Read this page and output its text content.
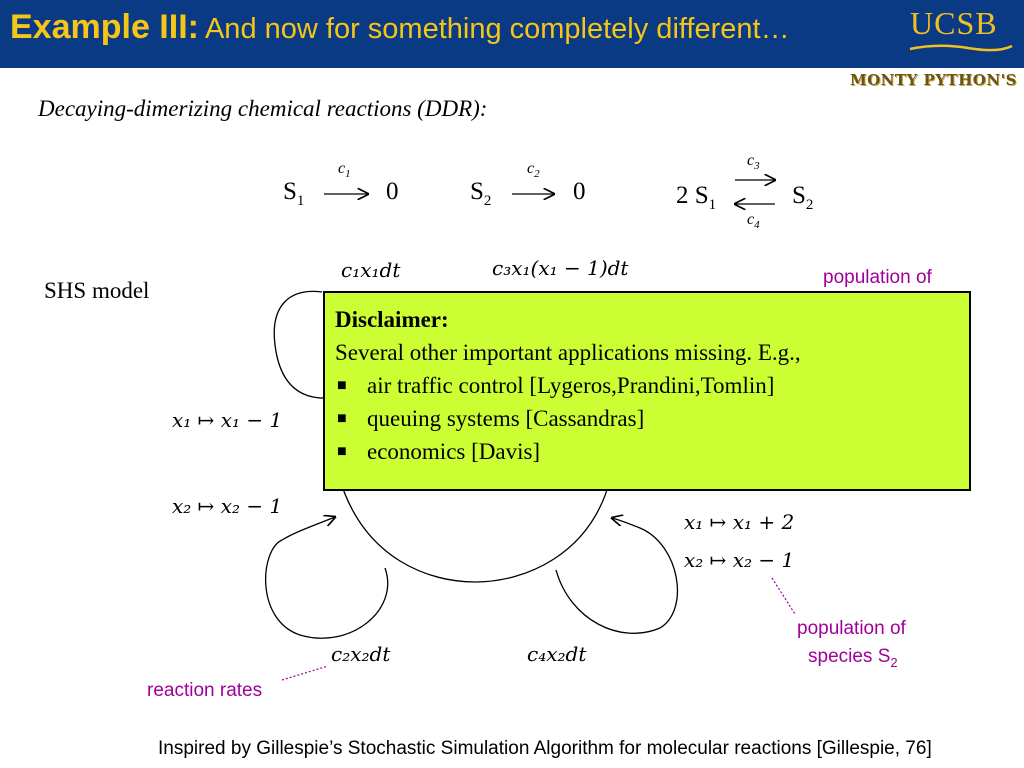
Example III: And now for something completely different…	UCSB
MONTY PYTHON'S
Decaying-dimerizing chemical reactions (DDR):
$S_1$
$c_1$
0	$S_2$
$c_2$
0	2 $S_1$
$c_3$
$c_4$
$S_2$
SHS model
c₁x₁dt	c₃x₁(x₁ − 1)dt
c₂x₂dt	c₄x₂dt
x₁ ↦ x₁ − 1
x₂ ↦ x₂ − 1
x₁ ↦ x₁ + 2
x₂ ↦ x₂ − 1
population of
population of
species $S_2$
reaction rates
Disclaimer:
Several other important applications missing. E.g.,
■ air traffic control [Lygeros,Prandini,Tomlin]
■ queuing systems [Cassandras]
■ economics [Davis]
Inspired by Gillespie’s Stochastic Simulation Algorithm for molecular reactions [Gillespie, 76]
